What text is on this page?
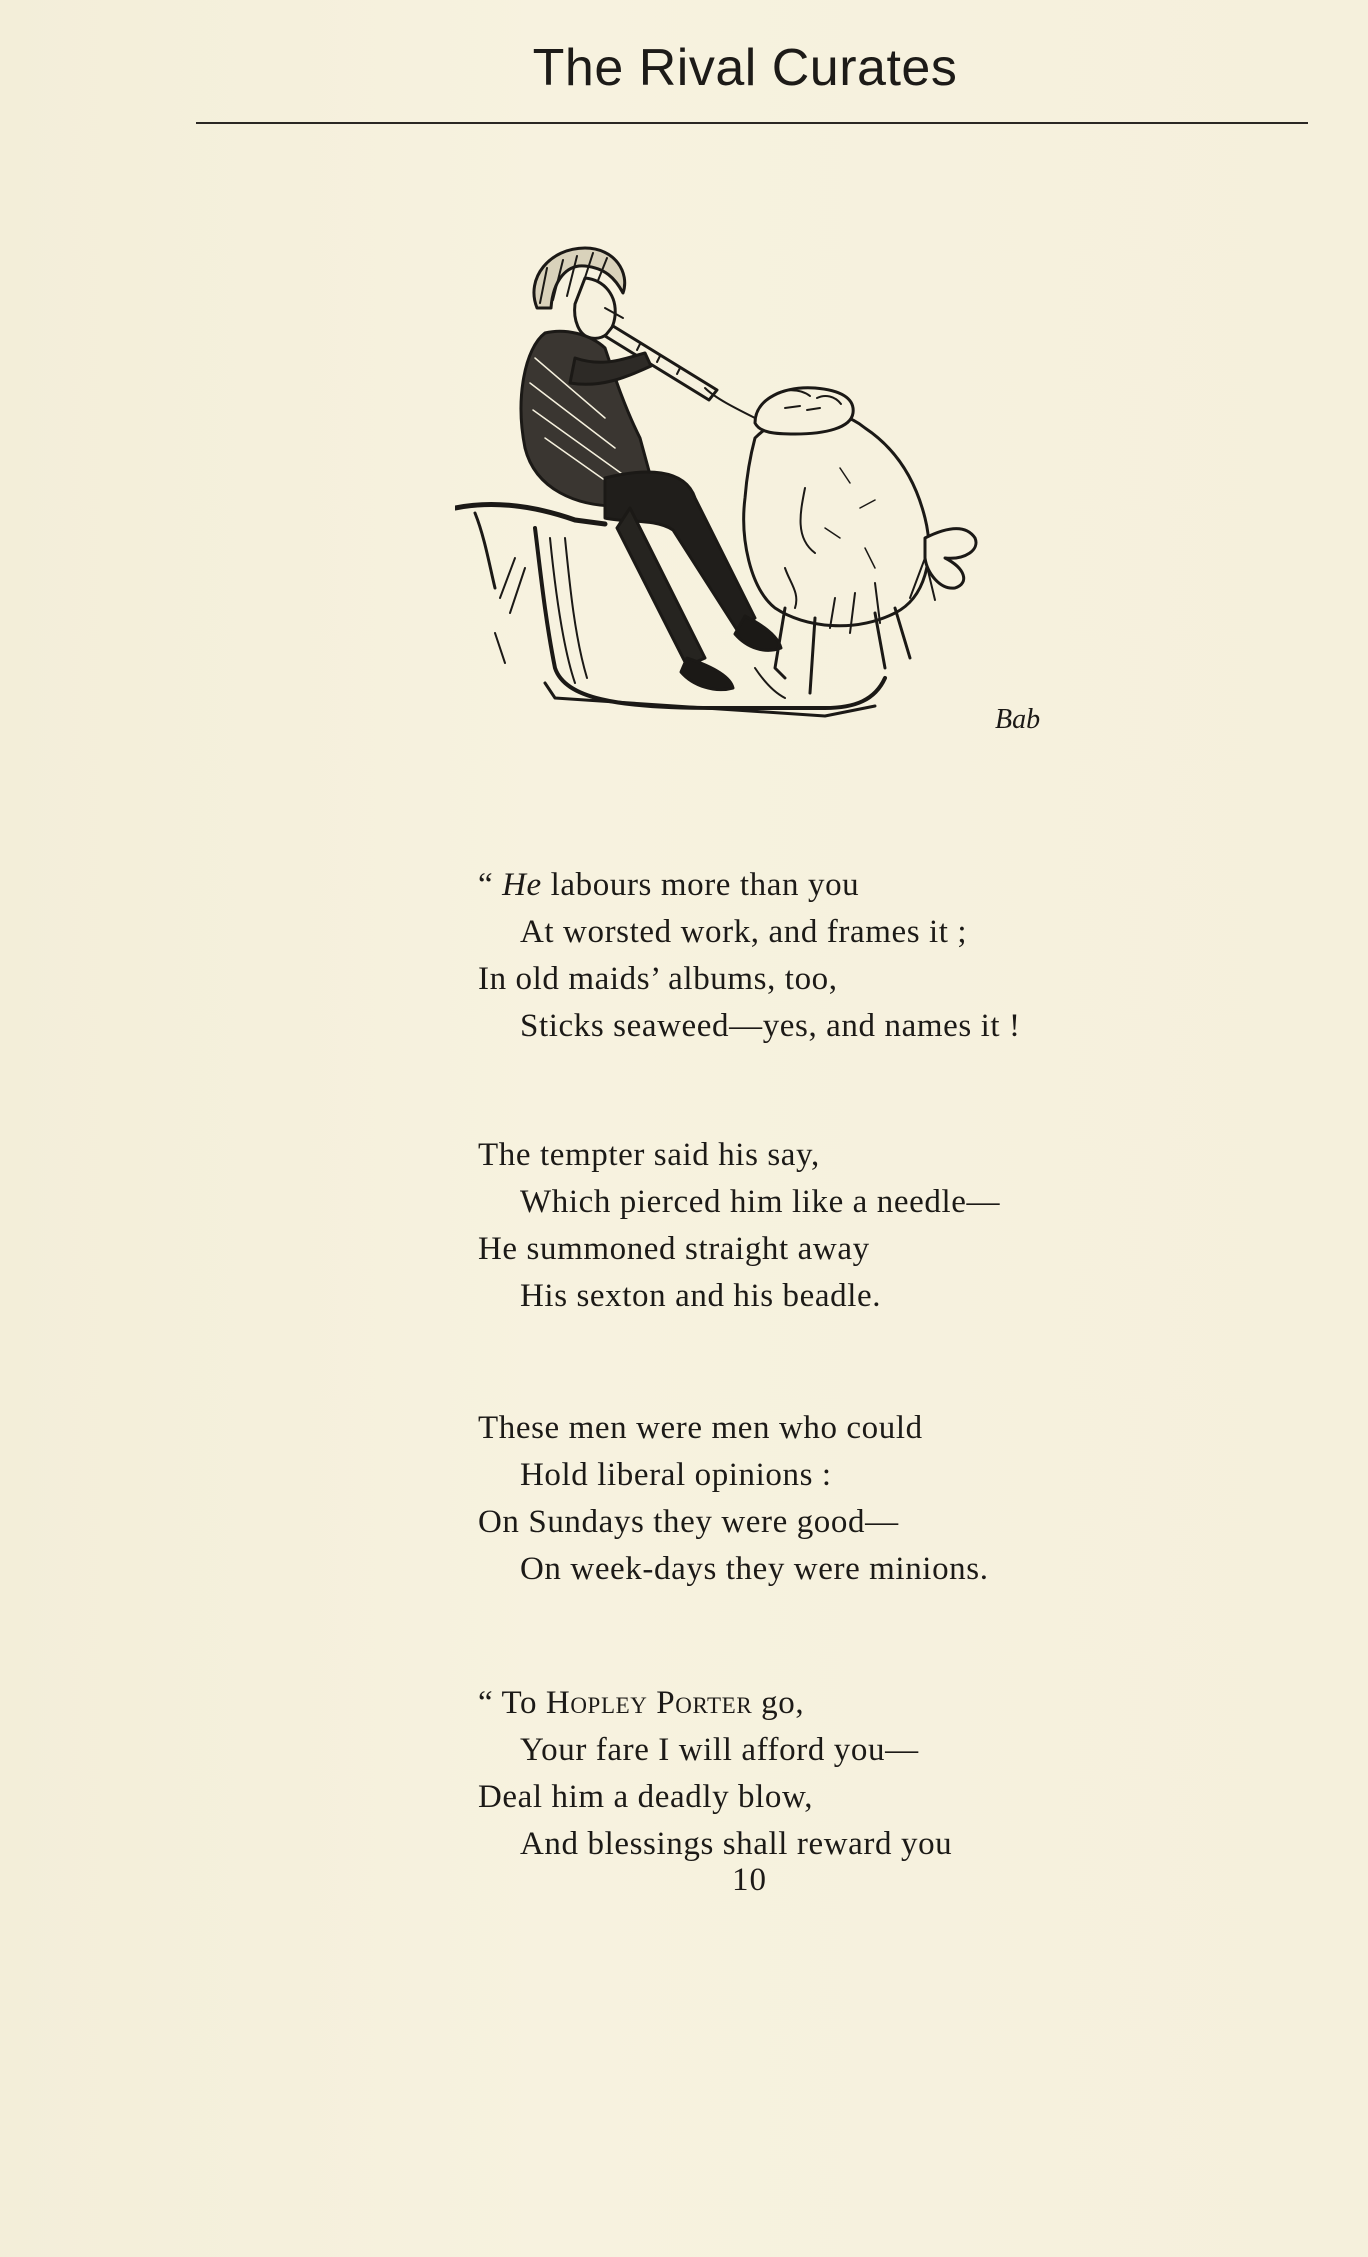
The Rival Curates
Bab
“ He labours more than you
At worsted work, and frames it ;
In old maids’ albums, too,
Sticks seaweed—yes, and names it !
The tempter said his say,
Which pierced him like a needle—
He summoned straight away
His sexton and his beadle.
These men were men who could
Hold liberal opinions :
On Sundays they were good—
On week-days they were minions.
“ To Hopley Porter go,
Your fare I will afford you—
Deal him a deadly blow,
And blessings shall reward you
10
